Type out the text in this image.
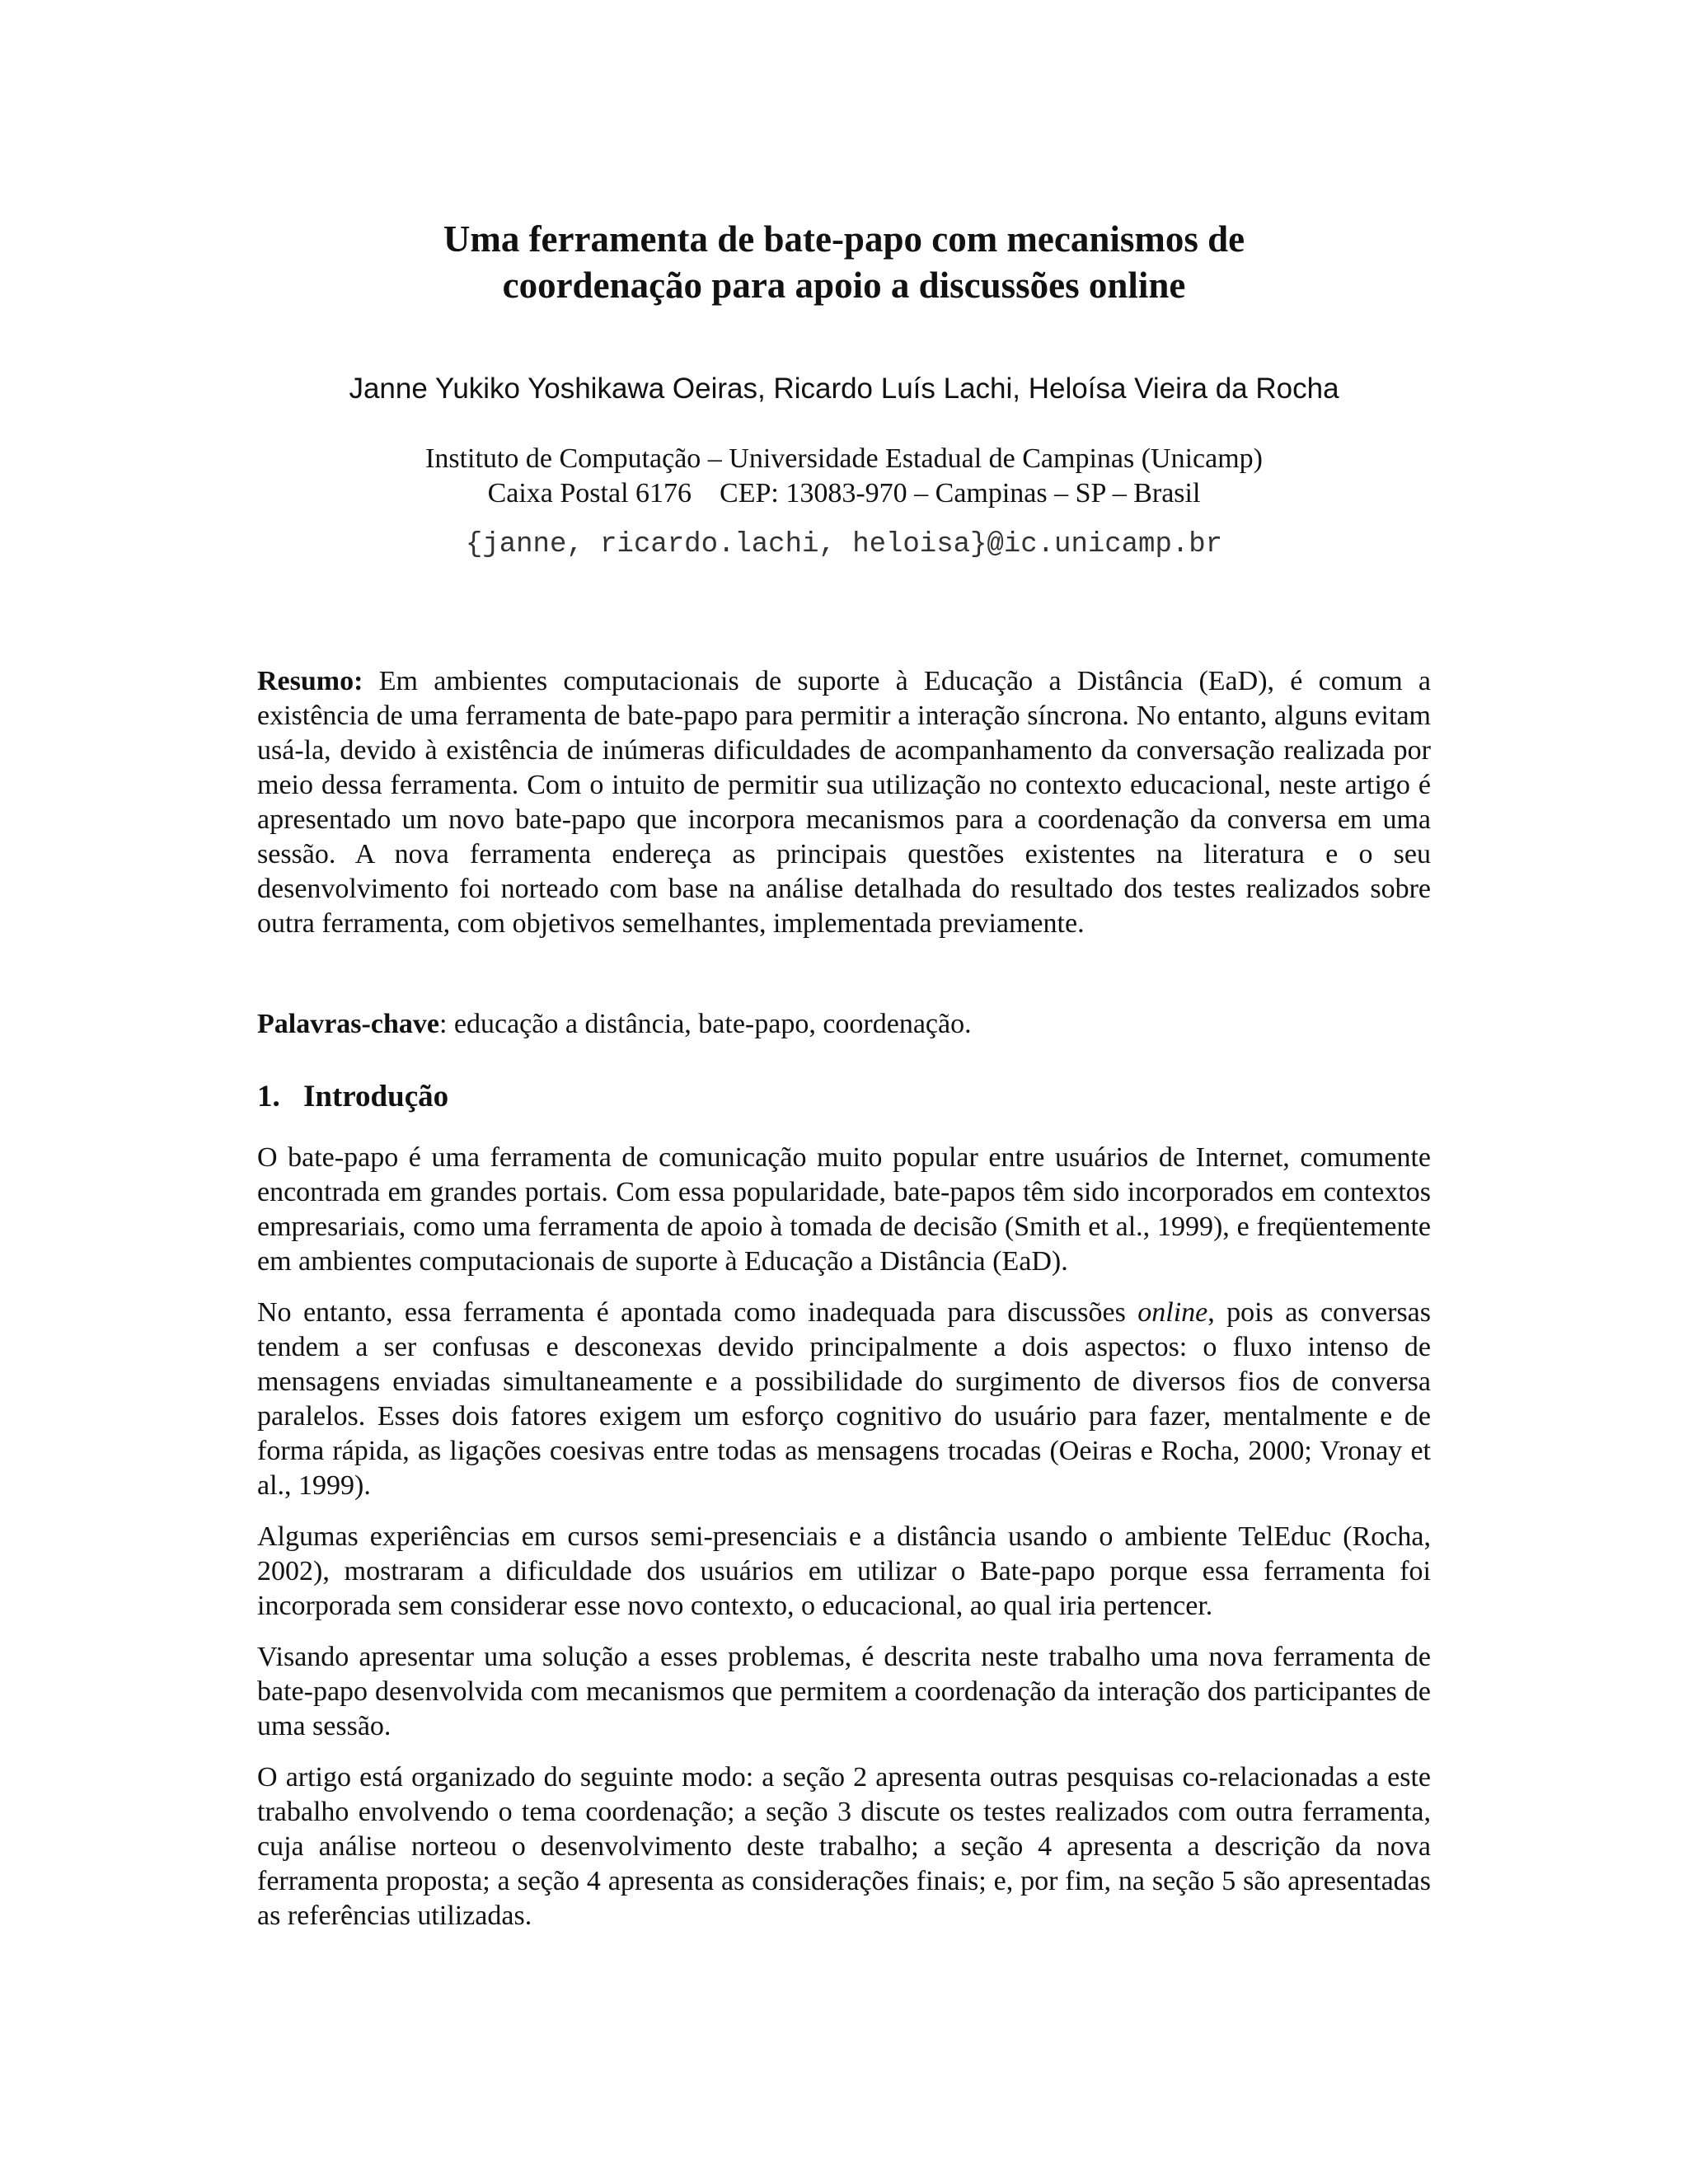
Uma ferramenta de bate-papo com mecanismos de
coordenação para apoio a discussões online
Janne Yukiko Yoshikawa Oeiras, Ricardo Luís Lachi, Heloísa Vieira da Rocha
Instituto de Computação – Universidade Estadual de Campinas (Unicamp)
Caixa Postal 6176    CEP: 13083-970 – Campinas – SP – Brasil
{janne, ricardo.lachi, heloisa}@ic.unicamp.br

Resumo: Em ambientes computacionais de suporte à Educação a Distância (EaD), é comum a existência de uma ferramenta de bate-papo para permitir a interação síncrona. No entanto, alguns evitam usá-la, devido à existência de inúmeras dificuldades de acompanhamento da conversação realizada por meio dessa ferramenta. Com o intuito de permitir sua utilização no contexto educacional, neste artigo é apresentado um novo bate-papo que incorpora mecanismos para a coordenação da conversa em uma sessão. A nova ferramenta endereça as principais questões existentes na literatura e o seu desenvolvimento foi norteado com base na análise detalhada do resultado dos testes realizados sobre outra ferramenta, com objetivos semelhantes, implementada previamente.

Palavras-chave: educação a distância, bate-papo, coordenação.

1. Introdução

O bate-papo é uma ferramenta de comunicação muito popular entre usuários de Internet, comumente encontrada em grandes portais. Com essa popularidade, bate-papos têm sido incorporados em contextos empresariais, como uma ferramenta de apoio à tomada de decisão (Smith et al., 1999), e freqüentemente em ambientes computacionais de suporte à Educação a Distância (EaD).

No entanto, essa ferramenta é apontada como inadequada para discussões online, pois as conversas tendem a ser confusas e desconexas devido principalmente a dois aspectos: o fluxo intenso de mensagens enviadas simultaneamente e a possibilidade do surgimento de diversos fios de conversa paralelos. Esses dois fatores exigem um esforço cognitivo do usuário para fazer, mentalmente e de forma rápida, as ligações coesivas entre todas as mensagens trocadas (Oeiras e Rocha, 2000; Vronay et al., 1999).

Algumas experiências em cursos semi-presenciais e a distância usando o ambiente TelEduc (Rocha, 2002), mostraram a dificuldade dos usuários em utilizar o Bate-papo porque essa ferramenta foi incorporada sem considerar esse novo contexto, o educacional, ao qual iria pertencer.

Visando apresentar uma solução a esses problemas, é descrita neste trabalho uma nova ferramenta de bate-papo desenvolvida com mecanismos que permitem a coordenação da interação dos participantes de uma sessão.

O artigo está organizado do seguinte modo: a seção 2 apresenta outras pesquisas co-relacionadas a este trabalho envolvendo o tema coordenação; a seção 3 discute os testes realizados com outra ferramenta, cuja análise norteou o desenvolvimento deste trabalho; a seção 4 apresenta a descrição da nova ferramenta proposta; a seção 4 apresenta as considerações finais; e, por fim, na seção 5 são apresentadas as referências utilizadas.
